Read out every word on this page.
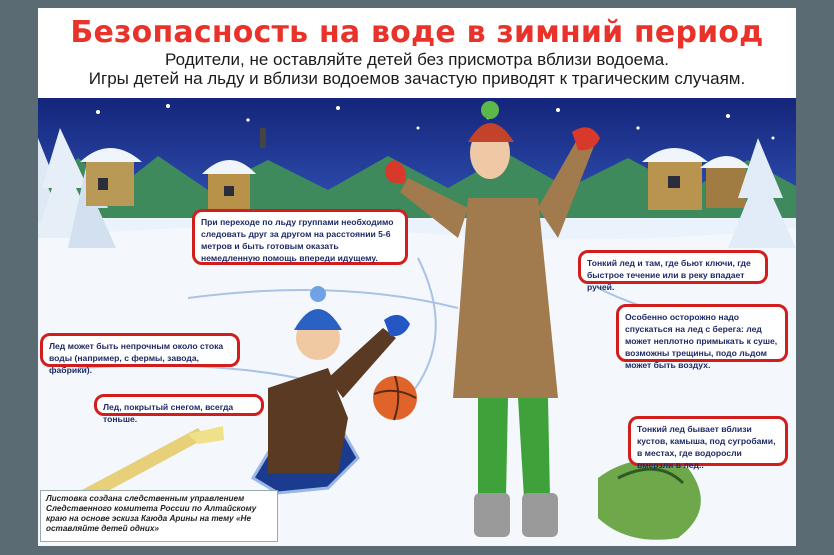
Безопасность на воде в зимний период
Родители, не оставляйте детей без присмотра вблизи водоема.
Игры детей на льду и вблизи водоемов зачастую приводят к трагическим случаям.
При переходе по льду группами необходимо следовать друг за другом на расстоянии 5-6 метров и быть готовым оказать немедленную помощь впереди идущему.	Тонкий лед и там, где бьют ключи, где быстрое течение или в реку впадает ручей.
Особенно осторожно надо спускаться на лед с берега: лед может неплотно примыкать к суше, возможны трещины, подо льдом может быть воздух.
Лед может быть непрочным около стока воды (например, с фермы, завода, фабрики).
Лед, покрытый снегом, всегда тоньше.
Тонкий лед бывает вблизи кустов, камыша, под сугробами, в местах, где водоросли вмерзли в лед..
Листовка создана следственным управлением Следственного комитета России по Алтайскому краю на основе эскиза Каюда Арины на тему «Не оставляйте детей одних»
